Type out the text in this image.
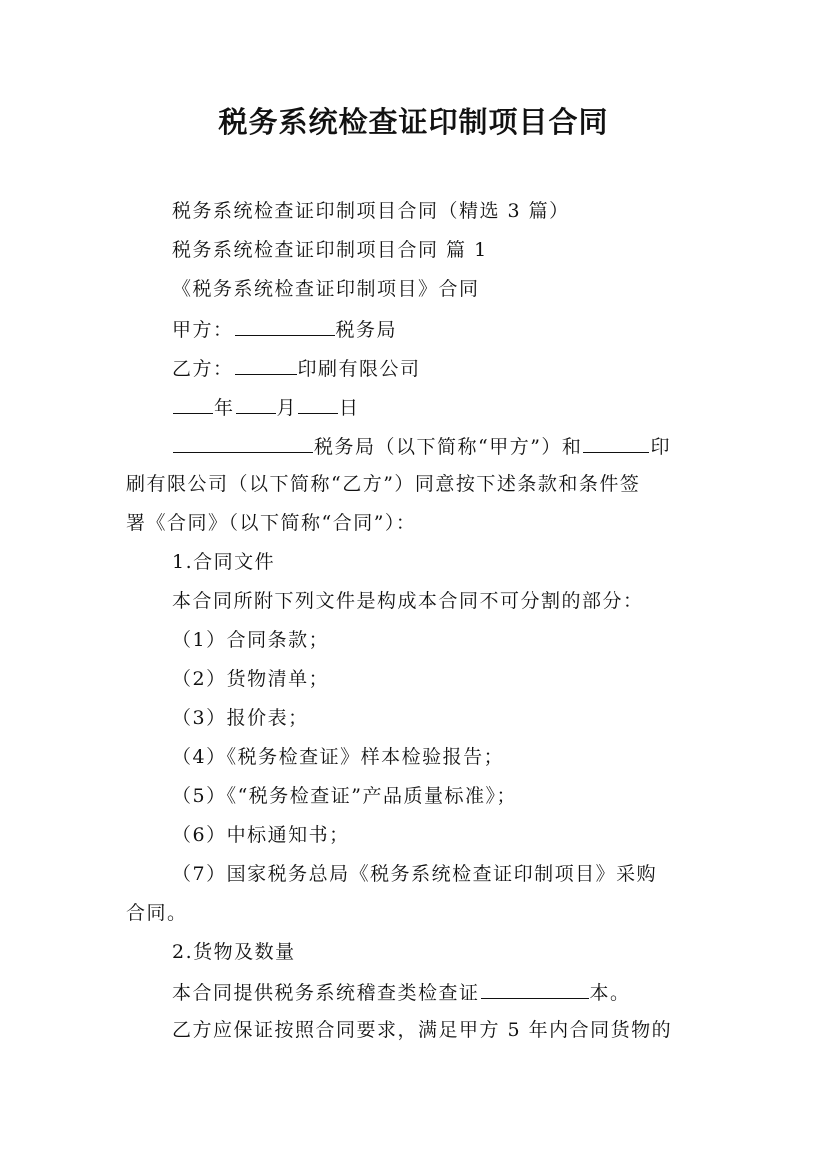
税务系统检查证印制项目合同
税务系统检查证印制项目合同（精选 3 篇）
税务系统检查证印制项目合同 篇 1
《税务系统检查证印制项目》合同
甲方：	税务局
乙方：	印刷有限公司
年 月 日
税务局（以下简称“甲方”）和	印
刷有限公司（以下简称“乙方”）同意按下述条款和条件签
署《合同》（以下简称“合同”）：
1.合同文件
本合同所附下列文件是构成本合同不可分割的部分：
（1）合同条款；
（2）货物清单；
（3）报价表；
（4）《税务检查证》样本检验报告；
（5）《“税务检查证”产品质量标准》；
（6）中标通知书；
（7）国家税务总局《税务系统检查证印制项目》采购
合同。
2.货物及数量
本合同提供税务系统稽查类检查证	本。
乙方应保证按照合同要求，满足甲方 5 年内合同货物的
